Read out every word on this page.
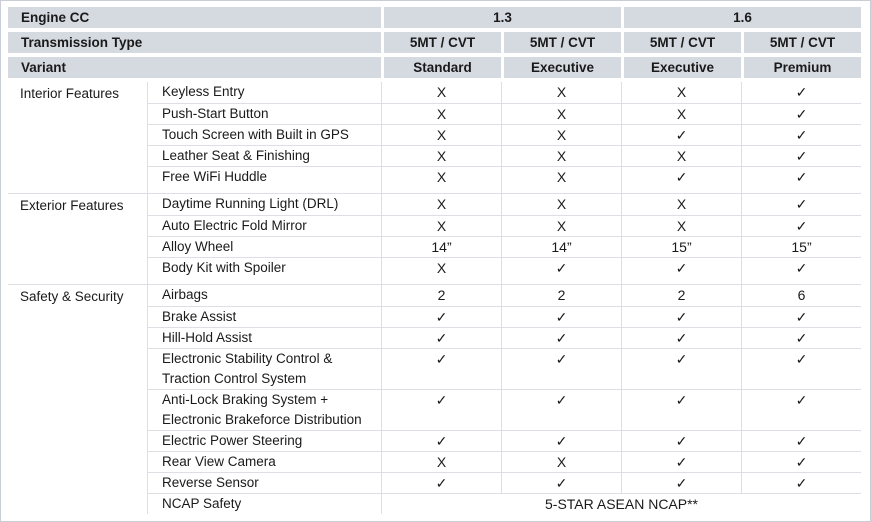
Engine CC		1.3		1.6	
Transmission Type		5MT / CVT	5MT / CVT	5MT / CVT	5MT / CVT
Variant		Standard	Executive	Executive	Premium
Interior Features	Keyless Entry	X	X	X	✓
	Push-Start Button	X	X	X	✓
	Touch Screen with Built in GPS	X	X	✓	✓
	Leather Seat & Finishing	X	X	X	✓
	Free WiFi Huddle	X	X	✓	✓

Exterior Features	Daytime Running Light (DRL)	X	X	X	✓
	Auto Electric Fold Mirror	X	X	X	✓
	Alloy Wheel	14”	14”	15”	15”
	Body Kit with Spoiler	X	✓	✓	✓

Safety & Security	Airbags	2	2	2	6
	Brake Assist	✓	✓	✓	✓
	Hill-Hold Assist	✓	✓	✓	✓
	Electronic Stability Control & Traction Control System	✓	✓	✓	✓
	Anti-Lock Braking System + Electronic Brakeforce Distribution	✓	✓	✓	✓
	Electric Power Steering	✓	✓	✓	✓
	Rear View Camera	X	X	✓	✓
	Reverse Sensor	✓	✓	✓	✓
	NCAP Safety	5-STAR ASEAN NCAP**			
